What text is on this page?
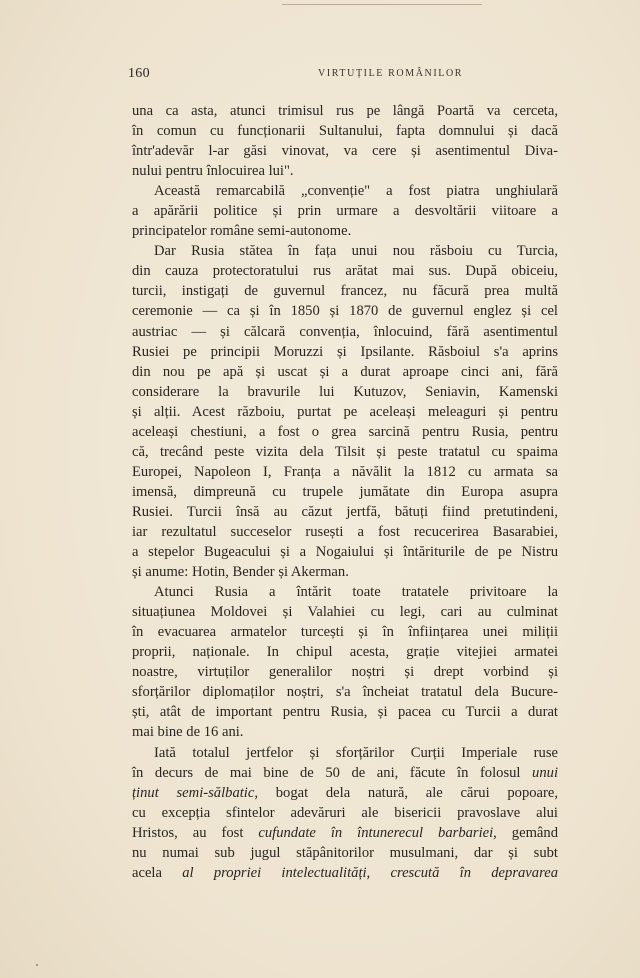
160	VIRTUȚILE ROMÂNILOR
una ca asta, atunci trimisul rus pe lângă Poartă va cerceta,
în comun cu funcționarii Sultanului, fapta domnului și dacă
într'adevăr l-ar găsi vinovat, va cere și asentimentul Diva-
nului pentru înlocuirea lui".
Această remarcabilă „convenție" a fost piatra unghiulară
a apărării politice și prin urmare a desvoltării viitoare a
principatelor române semi-autonome.
Dar Rusia stătea în fața unui nou răsboiu cu Turcia,
din cauza protectoratului rus arătat mai sus. După obiceiu,
turcii, instigați de guvernul francez, nu făcură prea multă
ceremonie — ca și în 1850 și 1870 de guvernul englez și cel
austriac — și călcară convenția, înlocuind, fără asentimentul
Rusiei pe principii Moruzzi și Ipsilante. Răsboiul s'a aprins
din nou pe apă și uscat și a durat aproape cinci ani, fără
considerare la bravurile lui Kutuzov, Seniavin, Kamenski
și alții. Acest războiu, purtat pe aceleași meleaguri și pentru
aceleași chestiuni, a fost o grea sarcină pentru Rusia, pentru
că, trecând peste vizita dela Tilsit și peste tratatul cu spaima
Europei, Napoleon I, Franța a năvălit la 1812 cu armata sa
imensă, dimpreună cu trupele jumătate din Europa asupra
Rusiei. Turcii însă au căzut jertfă, bătuți fiind pretutindeni,
iar rezultatul succeselor rusești a fost recucerirea Basarabiei,
a stepelor Bugeacului și a Nogaiului și întăriturile de pe Nistru
și anume: Hotin, Bender și Akerman.
Atunci Rusia a întărit toate tratatele privitoare la
situațiunea Moldovei și Valahiei cu legi, cari au culminat
în evacuarea armatelor turcești și în înființarea unei miliții
proprii, naționale. In chipul acesta, grație vitejiei armatei
noastre, virtuților generalilor noștri și drept vorbind și
sforțărilor diplomaților noștri, s'a încheiat tratatul dela Bucure-
ști, atât de important pentru Rusia, și pacea cu Turcii a durat
mai bine de 16 ani.
Iată totalul jertfelor și sforțărilor Curții Imperiale ruse
în decurs de mai bine de 50 de ani, făcute în folosul unui
ținut semi-sălbatic, bogat dela natură, ale cărui popoare,
cu excepția sfintelor adevăruri ale bisericii pravoslave alui
Hristos, au fost cufundate în întunerecul barbariei, gemând
nu numai sub jugul stăpânitorilor musulmani, dar și subt
acela al propriei intelectualități, crescută în depravarea
